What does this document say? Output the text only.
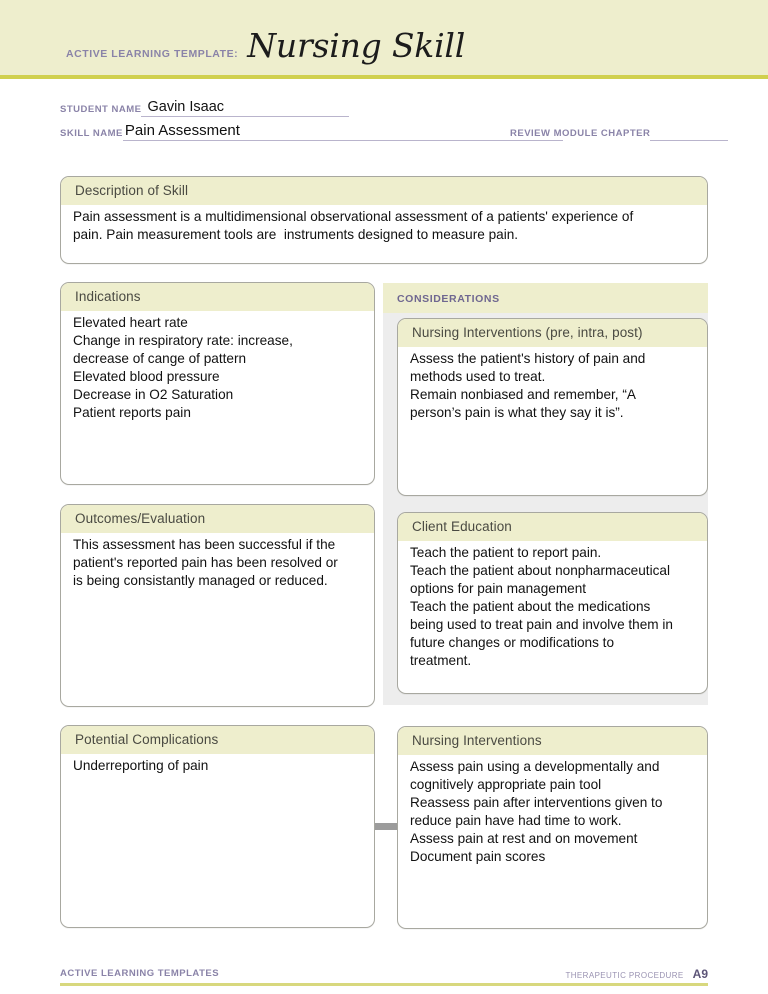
ACTIVE LEARNING TEMPLATE: Nursing Skill
STUDENT NAME Gavin Isaac
SKILL NAME Pain Assessment	REVIEW MODULE CHAPTER
Description of Skill
Pain assessment is a multidimensional observational assessment of a patients' experience of
pain. Pain measurement tools are  instruments designed to measure pain.
Indications
Elevated heart rate
Change in respiratory rate: increase,
decrease of cange of pattern
Elevated blood pressure
Decrease in O2 Saturation
Patient reports pain
Outcomes/Evaluation
This assessment has been successful if the
patient's reported pain has been resolved or
is being consistantly managed or reduced.
Potential Complications
Underreporting of pain
CONSIDERATIONS
Nursing Interventions (pre, intra, post)
Assess the patient's history of pain and
methods used to treat.
Remain nonbiased and remember, “A
person’s pain is what they say it is”.
Client Education
Teach the patient to report pain.
Teach the patient about nonpharmaceutical
options for pain management
Teach the patient about the medications
being used to treat pain and involve them in
future changes or modifications to
treatment.
Nursing Interventions
Assess pain using a developmentally and
cognitively appropriate pain tool
Reassess pain after interventions given to
reduce pain have had time to work.
Assess pain at rest and on movement
Document pain scores
ACTIVE LEARNING TEMPLATES	THERAPEUTIC PROCEDURE A9
